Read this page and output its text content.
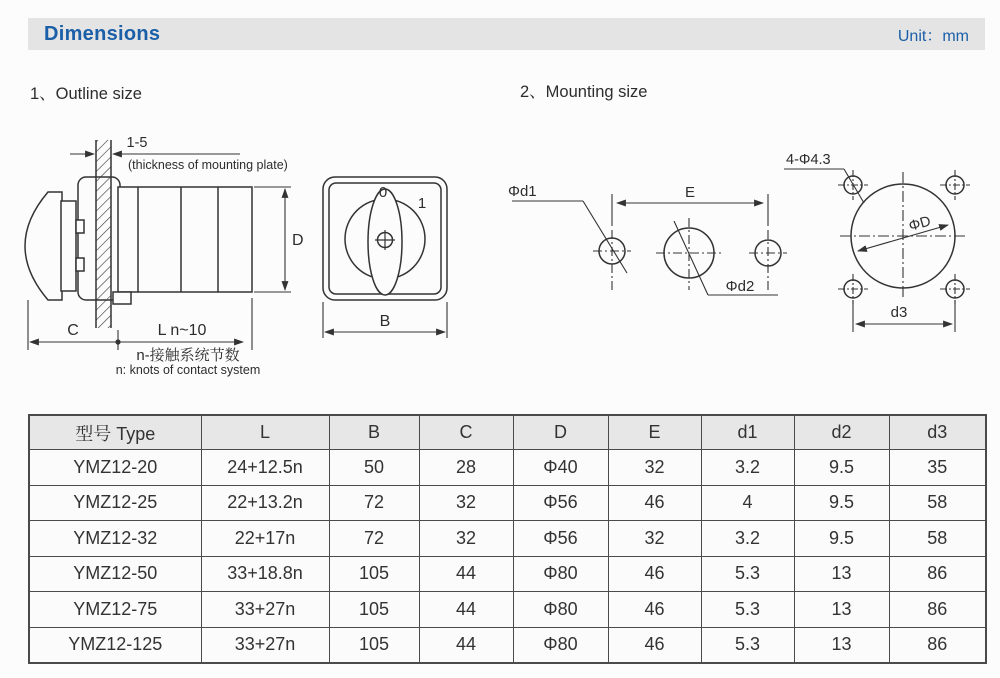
Dimensions	Unit：mm
1、Outline size	2、Mounting size
1-5
(thickness of mounting plate)
D
C	L n~10
n-接触系统节数
n: knots of contact system
0
1
B
Φd1	E
Φd2
4-Φ4.3
ΦD
d3
型号 Type	L	B	C	D	E	d1	d2	d3
YMZ12-20	24+12.5n	50	28	Φ40	32	3.2	9.5	35
YMZ12-25	22+13.2n	72	32	Φ56	46	4	9.5	58
YMZ12-32	22+17n	72	32	Φ56	32	3.2	9.5	58
YMZ12-50	33+18.8n	105	44	Φ80	46	5.3	13	86
YMZ12-75	33+27n	105	44	Φ80	46	5.3	13	86
YMZ12-125	33+27n	105	44	Φ80	46	5.3	13	86
